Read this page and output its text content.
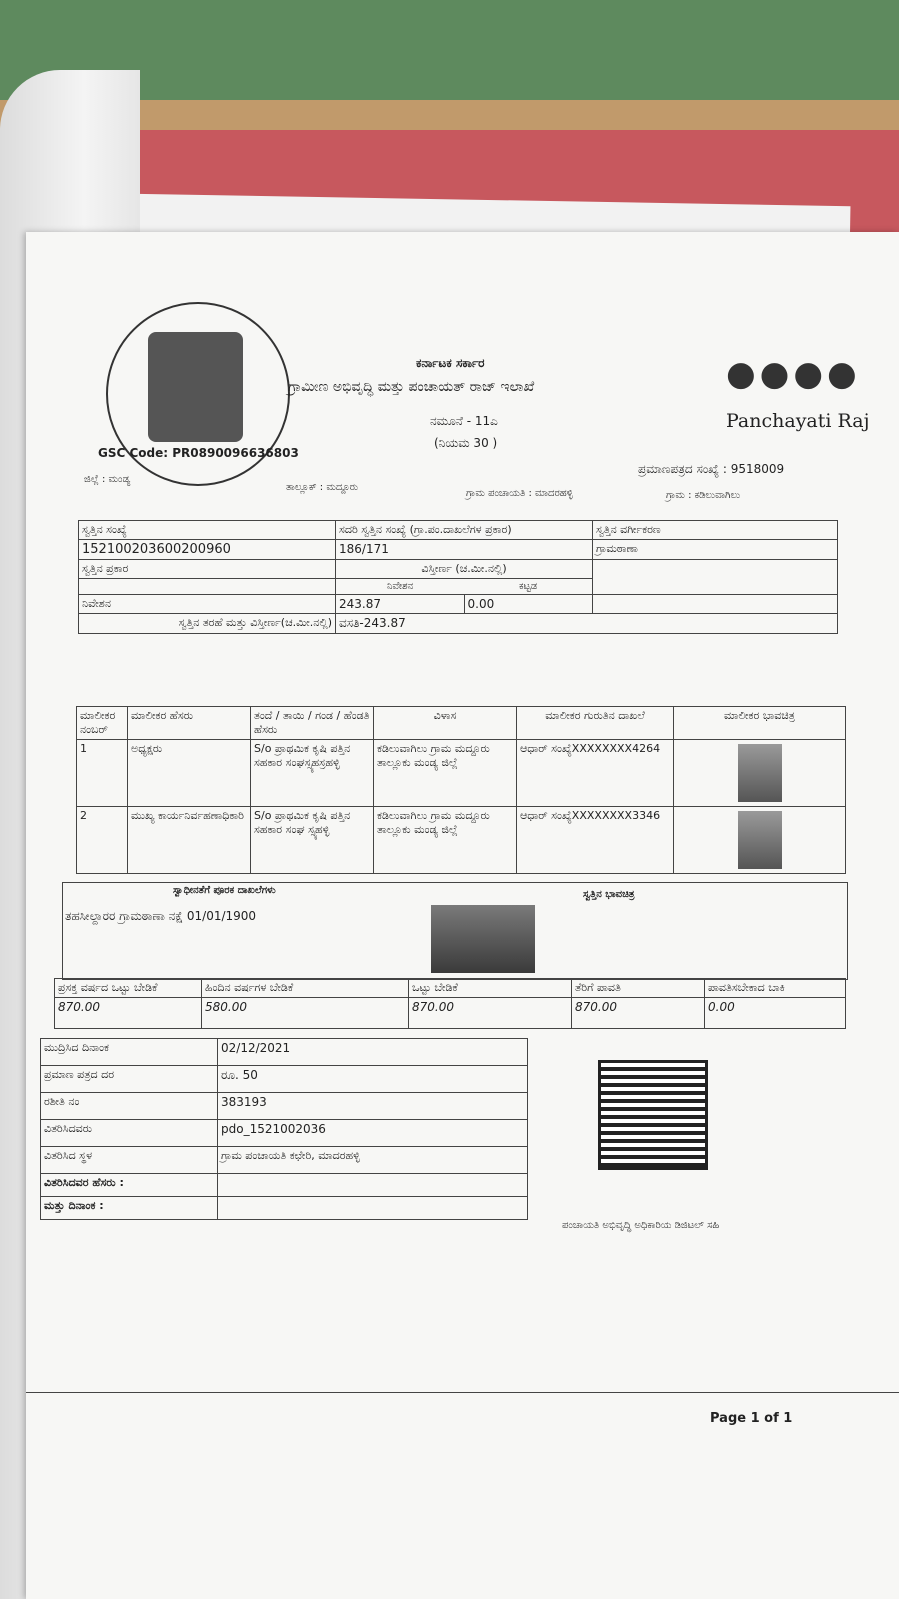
ಕರ್ನಾಟಕ ಸರ್ಕಾರ
ಗ್ರಾಮೀಣ ಅಭಿವೃದ್ಧಿ ಮತ್ತು ಪಂಚಾಯತ್ ರಾಜ್ ಇಲಾಖೆ
ನಮೂನೆ - 11ಎ
(ನಿಯಮ 30 )
●●●●
Panchayati Raj
GSC Code: PR0890096636803
ಪ್ರಮಾಣಪತ್ರದ ಸಂಖ್ಯೆ : 9518009
ಜಿಲ್ಲೆ : ಮಂಡ್ಯ
ತಾಲ್ಲೂಕ್ : ಮದ್ದೂರು
ಗ್ರಾಮ ಪಂಚಾಯತಿ : ಮಾದರಹಳ್ಳಿ	ಗ್ರಾಮ : ಕಡಿಲುವಾಗಿಲು
ಸ್ವತ್ತಿನ ಸಂಖ್ಯೆ	ಸದರಿ ಸ್ವತ್ತಿನ ಸಂಖ್ಯೆ (ಗ್ರಾ.ಪಂ.ದಾಖಲೆಗಳ ಪ್ರಕಾರ)	ಸ್ವತ್ತಿನ ವರ್ಗೀಕರಣ
152100203600200960	186/171	ಗ್ರಾಮಠಾಣಾ
ಸ್ವತ್ತಿನ ಪ್ರಕಾರ	ವಿಸ್ತೀರ್ಣ (ಚ.ಮೀ.ನಲ್ಲಿ)	

	ನಿವೇಶನ ಕಟ್ಟಡ	

ನಿವೇಶನ	243.87 0.00	

ಸ್ವತ್ತಿನ ತರಹೆ ಮತ್ತು ವಿಸ್ತೀರ್ಣ(ಚ.ಮೀ.ನಲ್ಲಿ)	ವಸತಿ-243.87	
ಮಾಲೀಕರ ನಂಬರ್	ಮಾಲೀಕರ ಹೆಸರು	ತಂದೆ / ತಾಯಿ / ಗಂಡ / ಹೆಂಡತಿ ಹೆಸರು	ವಿಳಾಸ	ಮಾಲೀಕರ ಗುರುತಿನ ದಾಖಲೆ	ಮಾಲೀಕರ ಭಾವಚಿತ್ರ
1	ಅಧ್ಯಕ್ಷರು	S/o ಪ್ರಾಥಮಿಕ ಕೃಷಿ ಪತ್ತಿನ ಸಹಕಾರ ಸಂಘಸ್ಸ್ಯಹಸ್ರಹಳ್ಳಿ	ಕಡಿಲುವಾಗಿಲು ಗ್ರಾಮ ಮದ್ದೂರು ತಾಲ್ಲೂಕು ಮಂಡ್ಯ ಜಿಲ್ಲೆ	ಆಧಾರ್ ಸಂಖ್ಯೆXXXXXXXX4264	

2	ಮುಖ್ಯ ಕಾರ್ಯನಿರ್ವಹಣಾಧಿಕಾರಿ	S/o ಪ್ರಾಥಮಿಕ ಕೃಷಿ ಪತ್ತಿನ ಸಹಕಾರ ಸಂಘ ಸ್ಸ್ಯಹಳ್ಳಿ	ಕಡಿಲುವಾಗಿಲು ಗ್ರಾಮ ಮದ್ದೂರು ತಾಲ್ಲೂಕು ಮಂಡ್ಯ ಜಿಲ್ಲೆ	ಆಧಾರ್ ಸಂಖ್ಯೆXXXXXXXX3346	
ಸ್ವಾಧೀನತೆಗೆ ಪೂರಕ ದಾಖಲೆಗಳು	ಸ್ವತ್ತಿನ ಭಾವಚಿತ್ರ
ತಹಸೀಲ್ದಾರರ ಗ್ರಾಮಠಾಣಾ ನಕ್ಷೆ 01/01/1900
ಪ್ರಸಕ್ತ ವರ್ಷದ ಒಟ್ಟು ಬೇಡಿಕೆ	ಹಿಂದಿನ ವರ್ಷಗಳ ಬೇಡಿಕೆ	ಒಟ್ಟು ಬೇಡಿಕೆ	ತೆರಿಗೆ ಪಾವತಿ	ಪಾವತಿಸಬೇಕಾದ ಬಾಕಿ
870.00	580.00	870.00	870.00	0.00
ಮುದ್ರಿಸಿದ ದಿನಾಂಕ	02/12/2021
ಪ್ರಮಾಣ ಪತ್ರದ ದರ	ರೂ. 50
ರಶೀತಿ ನಂ	383193
ವಿತರಿಸಿದವರು	pdo_1521002036
ವಿತರಿಸಿದ ಸ್ಥಳ	ಗ್ರಾಮ ಪಂಚಾಯತಿ ಕಛೇರಿ, ಮಾದರಹಳ್ಳಿ
ವಿತರಿಸಿದವರ ಹೆಸರು :	
ಮತ್ತು ದಿನಾಂಕ :	
ಪಂಚಾಯತಿ ಅಭಿವೃದ್ಧಿ ಅಧಿಕಾರಿಯ ಡಿಜಿಟಲ್ ಸಹಿ
Page 1 of 1
